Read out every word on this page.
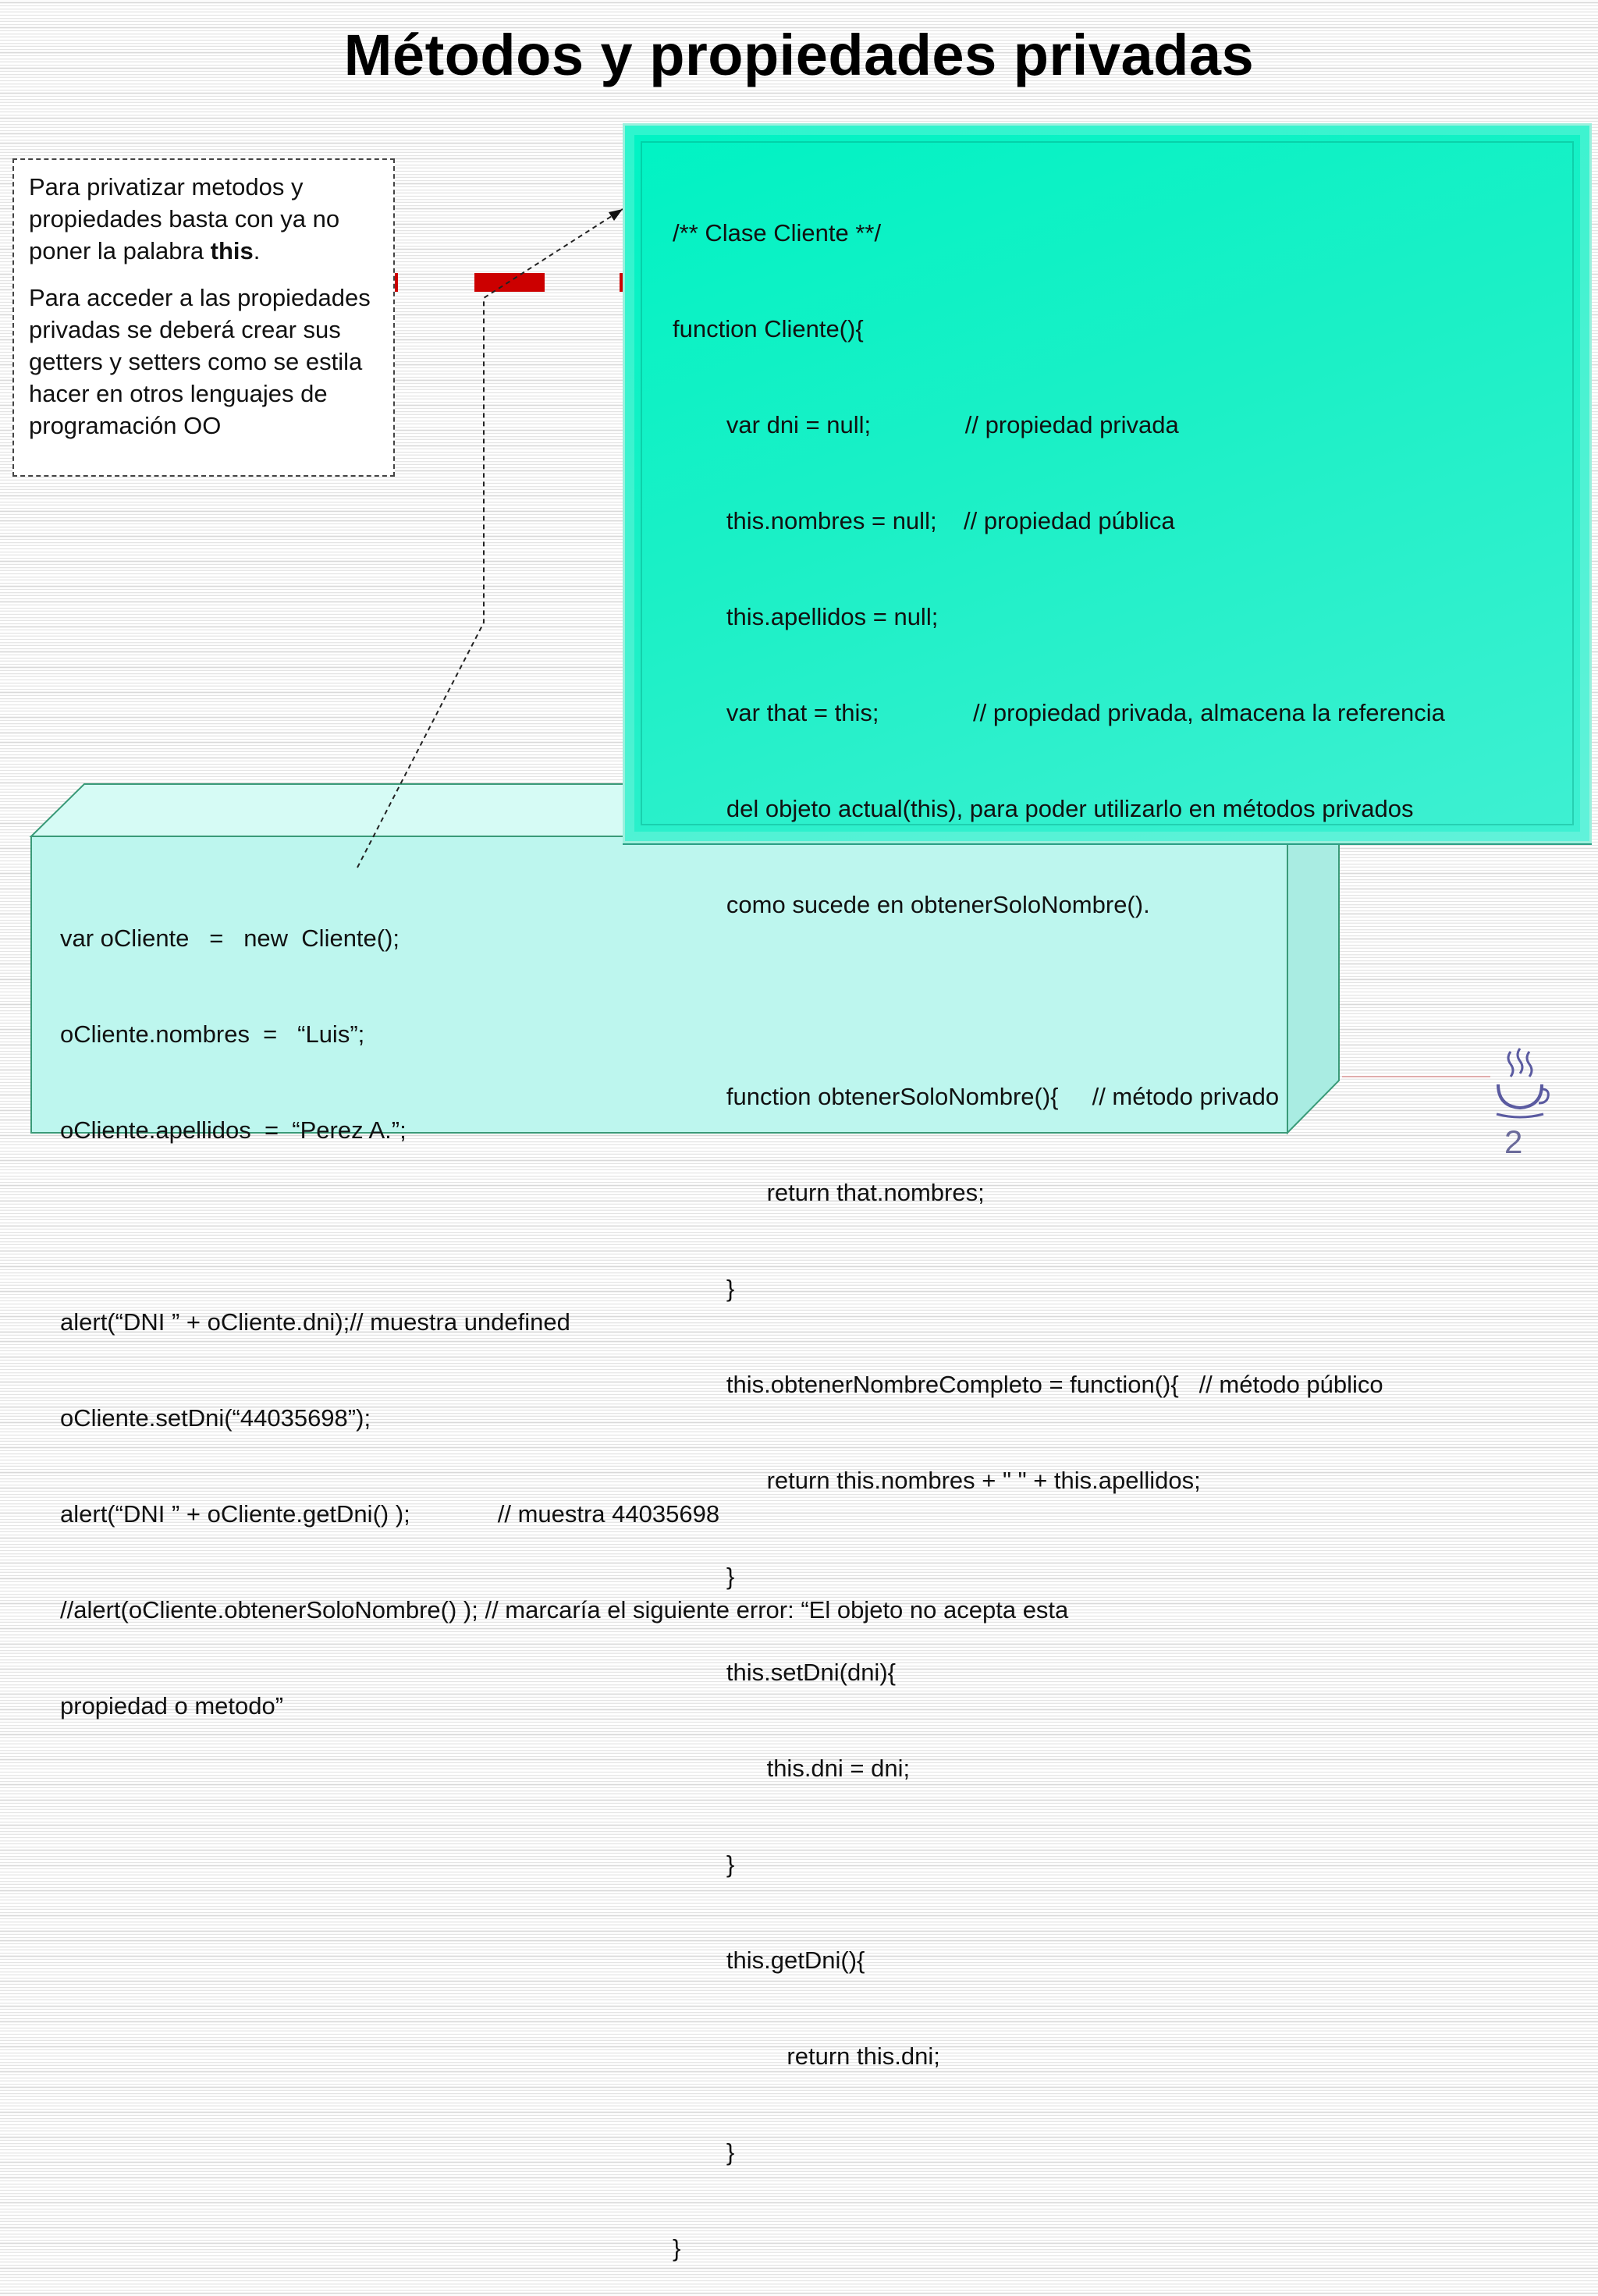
Métodos y propiedades privadas

Para privatizar metodos y propiedades basta con ya no poner la palabra this.

Para acceder a las propiedades privadas se deberá crear sus getters y setters como se estila hacer en otros lenguajes de programación OO

/** Clase Cliente **/

function Cliente(){

var dni = null;              // propiedad privada

this.nombres = null;    // propiedad pública

this.apellidos = null;

var that = this;              // propiedad privada, almacena la referencia

del objeto actual(this), para poder utilizarlo en métodos privados

como sucede en obtenerSoloNombre().

function obtenerSoloNombre(){     // método privado

return that.nombres;

}

this.obtenerNombreCompleto = function(){   // método público

return this.nombres + " " + this.apellidos;

}

this.setDni(dni){

this.dni = dni;

}

this.getDni(){

return this.dni;

}

}

var oCliente   =   new  Cliente();

oCliente.nombres  =   “Luis”;

oCliente.apellidos  =  “Perez A.”;

alert(“DNI ” + oCliente.dni);// muestra undefined

oCliente.setDni(“44035698”);

alert(“DNI ” + oCliente.getDni() );             // muestra 44035698

//alert(oCliente.obtenerSoloNombre() ); // marcaría el siguiente error: “El objeto no acepta esta

propiedad o metodo”

2
